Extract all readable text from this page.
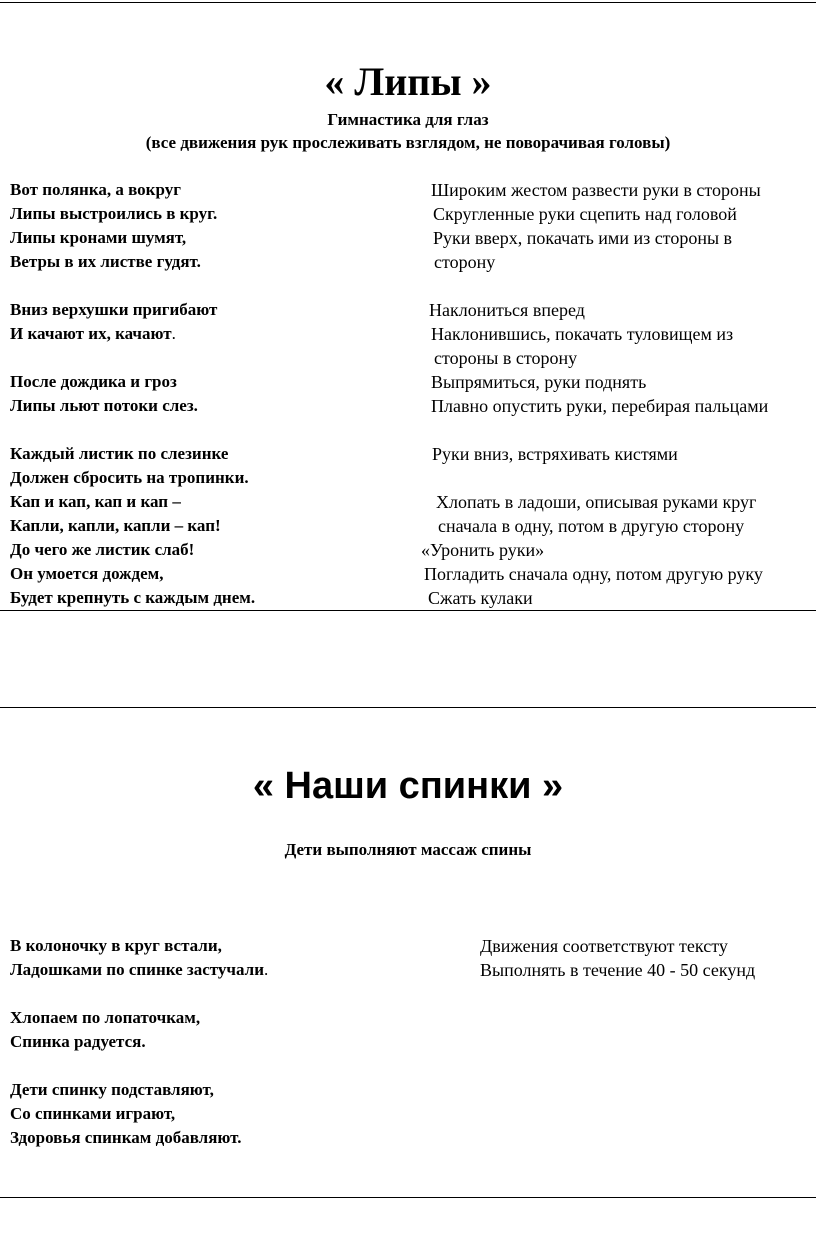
« Липы »
Гимнастика для глаз
(все движения рук прослеживать взглядом, не поворачивая головы)
Вот полянка, а вокруг	Широким жестом развести руки в стороны
Липы выстроились в круг.	Скругленные руки сцепить над головой
Липы кронами шумят,	Руки вверх, покачать ими из стороны в
Ветры в их листве гудят.	сторону
Вниз верхушки пригибают	Наклониться вперед
И качают их, качают.	Наклонившись, покачать туловищем из
стороны в сторону
После дождика и гроз	Выпрямиться, руки поднять
Липы льют потоки слез.	Плавно опустить руки, перебирая пальцами
Каждый листик по слезинке	Руки вниз, встряхивать кистями
Должен сбросить на тропинки.
Кап и кап, кап и кап –	Хлопать в ладоши, описывая руками круг
Капли, капли, капли – кап!	сначала в одну, потом в другую сторону
До чего же листик слаб!	«Уронить руки»
Он умоется дождем,	Погладить сначала одну, потом другую руку
Будет крепнуть с каждым днем.	Сжать кулаки
« Наши спинки »
Дети выполняют массаж спины
В колоночку в круг встали,	Движения соответствуют тексту
Ладошками по спинке застучали.	Выполнять в течение 40 - 50 секунд
Хлопаем по лопаточкам,
Спинка радуется.
Дети спинку подставляют,
Со спинками играют,
Здоровья спинкам добавляют.
